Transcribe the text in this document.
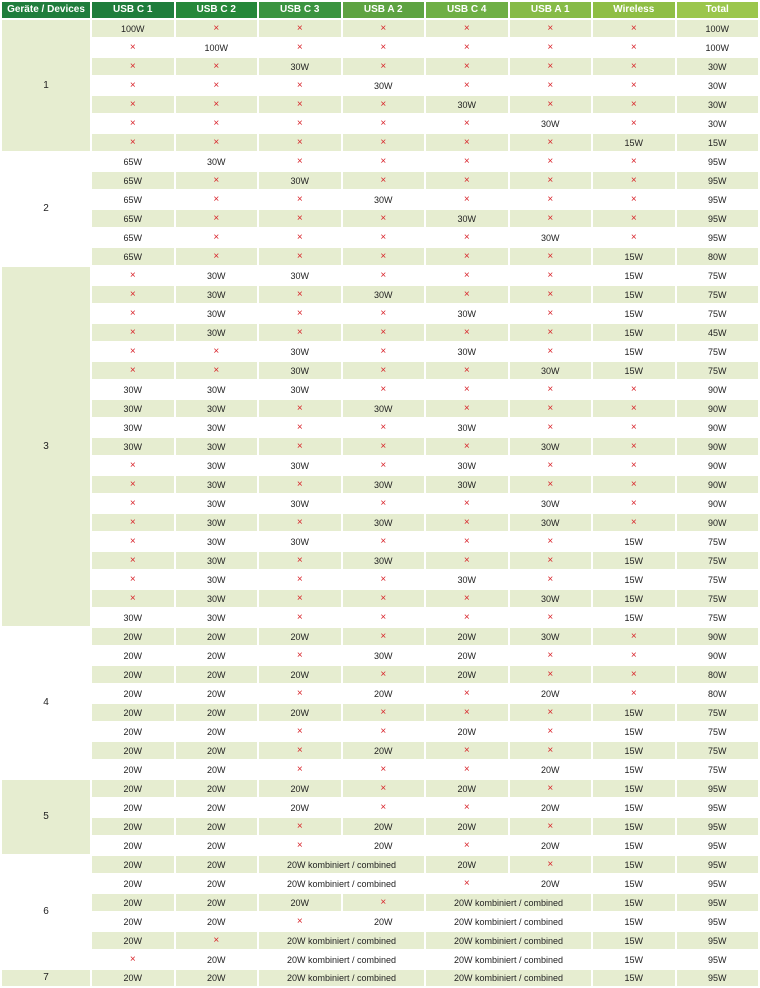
Geräte / Devices	USB C 1	USB C 2	USB C 3	USB A 2	USB C 4	USB A 1	Wireless	Total
1	100W	×	×	×	×	×	×	100W
	×	100W	×	×	×	×	×	100W
	×	×	30W	×	×	×	×	30W
	×	×	×	30W	×	×	×	30W
	×	×	×	×	30W	×	×	30W
	×	×	×	×	×	30W	×	30W
	×	×	×	×	×	×	15W	15W
2	65W	30W	×	×	×	×	×	95W
	65W	×	30W	×	×	×	×	95W
	65W	×	×	30W	×	×	×	95W
	65W	×	×	×	30W	×	×	95W
	65W	×	×	×	×	30W	×	95W
	65W	×	×	×	×	×	15W	80W
3	×	30W	30W	×	×	×	15W	75W
	×	30W	×	30W	×	×	15W	75W
	×	30W	×	×	30W	×	15W	75W
	×	30W	×	×	×	×	15W	45W
	×	×	30W	×	30W	×	15W	75W
	×	×	30W	×	×	30W	15W	75W
	30W	30W	30W	×	×	×	×	90W
	30W	30W	×	30W	×	×	×	90W
	30W	30W	×	×	30W	×	×	90W
	30W	30W	×	×	×	30W	×	90W
	×	30W	30W	×	30W	×	×	90W
	×	30W	×	30W	30W	×	×	90W
	×	30W	30W	×	×	30W	×	90W
	×	30W	×	30W	×	30W	×	90W
	×	30W	30W	×	×	×	15W	75W
	×	30W	×	30W	×	×	15W	75W
	×	30W	×	×	30W	×	15W	75W
	×	30W	×	×	×	30W	15W	75W
	30W	30W	×	×	×	×	15W	75W
4	20W	20W	20W	×	20W	30W	×	90W
	20W	20W	×	30W	20W	×	×	90W
	20W	20W	20W	×	20W	×	×	80W
	20W	20W	×	20W	×	20W	×	80W
	20W	20W	20W	×	×	×	15W	75W
	20W	20W	×	×	20W	×	15W	75W
	20W	20W	×	20W	×	×	15W	75W
	20W	20W	×	×	×	20W	15W	75W
5	20W	20W	20W	×	20W	×	15W	95W
	20W	20W	20W	×	×	20W	15W	95W
	20W	20W	×	20W	20W	×	15W	95W
	20W	20W	×	20W	×	20W	15W	95W
6	20W	20W	20W kombiniert / combined		20W	×	15W	95W
	20W	20W	20W kombiniert / combined		×	20W	15W	95W
	20W	20W	20W	×	20W kombiniert / combined		15W	95W
	20W	20W	×	20W	20W kombiniert / combined		15W	95W
	20W	×	20W kombiniert / combined		20W kombiniert / combined		15W	95W
	×	20W	20W kombiniert / combined		20W kombiniert / combined		15W	95W
7	20W	20W	20W kombiniert / combined		20W kombiniert / combined		15W	95W
